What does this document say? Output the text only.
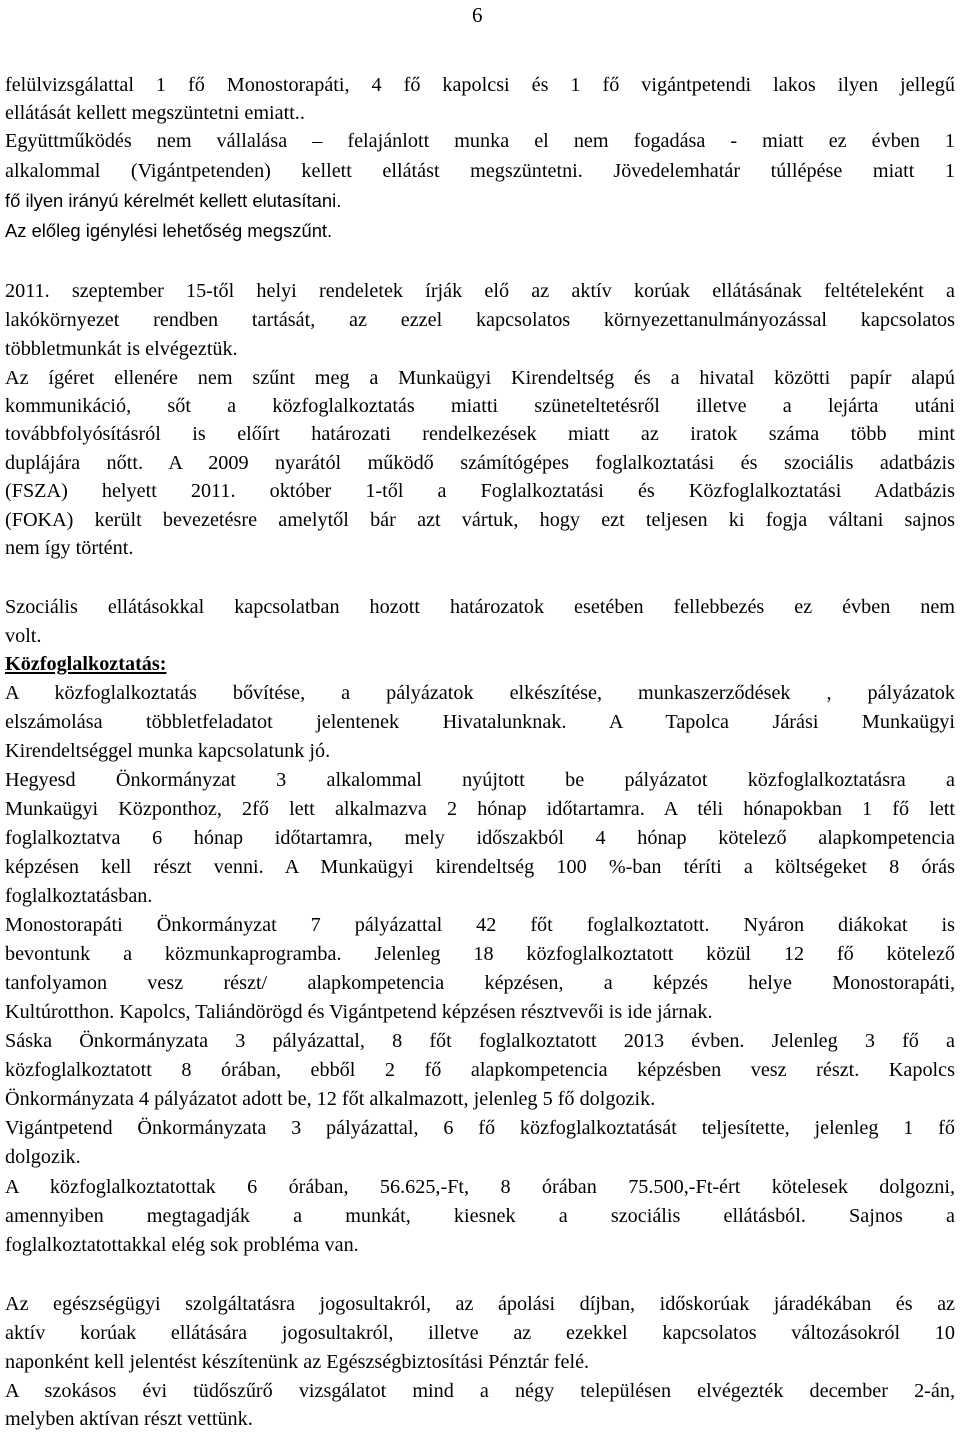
6
felülvizsgálattal 1 fő Monostorapáti, 4 fő kapolcsi és 1 fő vigántpetendi lakos ilyen jellegű
ellátását kellett megszüntetni emiatt..
Együttműködés nem vállalása – felajánlott munka el nem fogadása - miatt ez évben 1
alkalommal (Vigántpetenden) kellett ellátást megszüntetni. Jövedelemhatár túllépése miatt 1
fő ilyen irányú kérelmét kellett elutasítani.
Az előleg igénylési lehetőség megszűnt.
2011. szeptember 15-től helyi rendeletek írják elő az aktív korúak ellátásának feltételeként a
lakókörnyezet rendben tartását, az ezzel kapcsolatos környezettanulmányozással kapcsolatos
többletmunkát is elvégeztük.
Az ígéret ellenére nem szűnt meg a Munkaügyi Kirendeltség és a hivatal közötti papír alapú
kommunikáció, sőt a közfoglalkoztatás miatti szüneteltetésről illetve a lejárta utáni
továbbfolyósításról is előírt határozati rendelkezések miatt az iratok száma több mint
duplájára nőtt. A 2009 nyarától működő számítógépes foglalkoztatási és szociális adatbázis
(FSZA) helyett 2011. október 1-től a Foglalkoztatási és Közfoglalkoztatási Adatbázis
(FOKA) került bevezetésre amelytől bár azt vártuk, hogy ezt teljesen ki fogja váltani sajnos
nem így történt.
Szociális ellátásokkal kapcsolatban hozott határozatok esetében fellebbezés ez évben nem
volt.
Közfoglalkoztatás:
A közfoglalkoztatás bővítése, a pályázatok elkészítése, munkaszerződések , pályázatok
elszámolása többletfeladatot jelentenek Hivatalunknak. A Tapolca Járási Munkaügyi
Kirendeltséggel munka kapcsolatunk jó.
Hegyesd Önkormányzat 3 alkalommal nyújtott be pályázatot közfoglalkoztatásra a
Munkaügyi Központhoz, 2fő lett alkalmazva 2 hónap időtartamra. A téli hónapokban 1 fő lett
foglalkoztatva 6 hónap időtartamra, mely időszakból 4 hónap kötelező alapkompetencia
képzésen kell részt venni. A Munkaügyi kirendeltség 100 %-ban téríti a költségeket 8 órás
foglalkoztatásban.
Monostorapáti Önkormányzat 7 pályázattal 42 főt foglalkoztatott. Nyáron diákokat is
bevontunk a közmunkaprogramba. Jelenleg 18 közfoglalkoztatott közül 12 fő kötelező
tanfolyamon vesz részt/ alapkompetencia képzésen, a képzés helye Monostorapáti,
Kultúrotthon. Kapolcs, Taliándörögd és Vigántpetend képzésen résztvevői is ide járnak.
Sáska Önkormányzata 3 pályázattal, 8 főt foglalkoztatott 2013 évben. Jelenleg 3 fő a
közfoglalkoztatott 8 órában, ebből 2 fő alapkompetencia képzésben vesz részt. Kapolcs
Önkormányzata 4 pályázatot adott be, 12 főt alkalmazott, jelenleg 5 fő dolgozik.
Vigántpetend Önkormányzata 3 pályázattal, 6 fő közfoglalkoztatását teljesítette, jelenleg 1 fő
dolgozik.
A közfoglalkoztatottak 6 órában, 56.625,-Ft, 8 órában 75.500,-Ft-ért kötelesek dolgozni,
amennyiben megtagadják a munkát, kiesnek a szociális ellátásból. Sajnos a
foglalkoztatottakkal elég sok probléma van.
Az egészségügyi szolgáltatásra jogosultakról, az ápolási díjban, időskorúak járadékában és az
aktív korúak ellátására jogosultakról, illetve az ezekkel kapcsolatos változásokról 10
naponként kell jelentést készítenünk az Egészségbiztosítási Pénztár felé.
A szokásos évi tüdőszűrő vizsgálatot mind a négy településen elvégezték december 2-án,
melyben aktívan részt vettünk.
